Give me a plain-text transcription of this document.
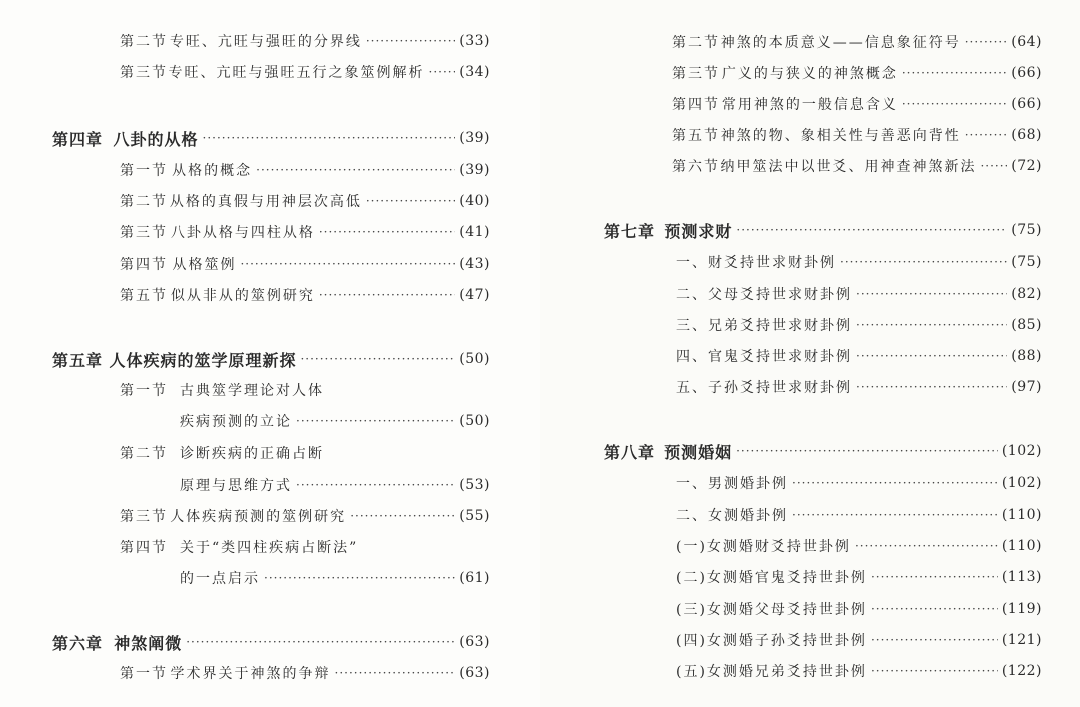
第二节 专旺、亢旺与强旺的分界线 ·····	(33)
第三节 专旺、亢旺与强旺五行之象筮例解析 ····· (34)
第四章 八卦的从格 ·····	(39)
第一节 从格的概念 ·····	(39)
第二节 从格的真假与用神层次高低 ·····	(40)
第三节 八卦从格与四柱从格 ·····	(41)
第四节 从格筮例 ·····	(43)
第五节 似从非从的筮例研究 ·····	(47)
第五章 人体疾病的筮学原理新探 ·····	(50)
第一节 古典筮学理论对人体
疾病预测的立论 ·····	(50)
第二节 诊断疾病的正确占断
原理与思维方式 ·····	(53)
第三节 人体疾病预测的筮例研究 ·····	(55)
第四节 关于“类四柱疾病占断法”
的一点启示 ·····	(61)
第六章 神煞阐微 ·····	(63)
第一节 学术界关于神煞的争辩 ·····	(63)
第二节 神煞的本质意义——信息象征符号 ·····	(64)
第三节 广义的与狭义的神煞概念 ·····	(66)
第四节 常用神煞的一般信息含义 ·····	(66)
第五节 神煞的物、象相关性与善恶向背性 ·····	(68)
第六节 纳甲筮法中以世爻、用神查神煞新法 ····· (72)
第七章 预测求财 ·····	(75)
一、财爻持世求财卦例 ·····	(75)
二、父母爻持世求财卦例 ·····	(82)
三、兄弟爻持世求财卦例 ·····	(85)
四、官鬼爻持世求财卦例 ·····	(88)
五、子孙爻持世求财卦例 ·····	(97)
第八章 预测婚姻 ·····	(102)
一、男测婚卦例 ·····	(102)
二、女测婚卦例 ·····	(110)
(一)女测婚财爻持世卦例 ·····	(110)
(二)女测婚官鬼爻持世卦例 ·····	(113)
(三)女测婚父母爻持世卦例 ·····	(119)
(四)女测婚子孙爻持世卦例 ·····	(121)
(五)女测婚兄弟爻持世卦例 ·····	(122)
